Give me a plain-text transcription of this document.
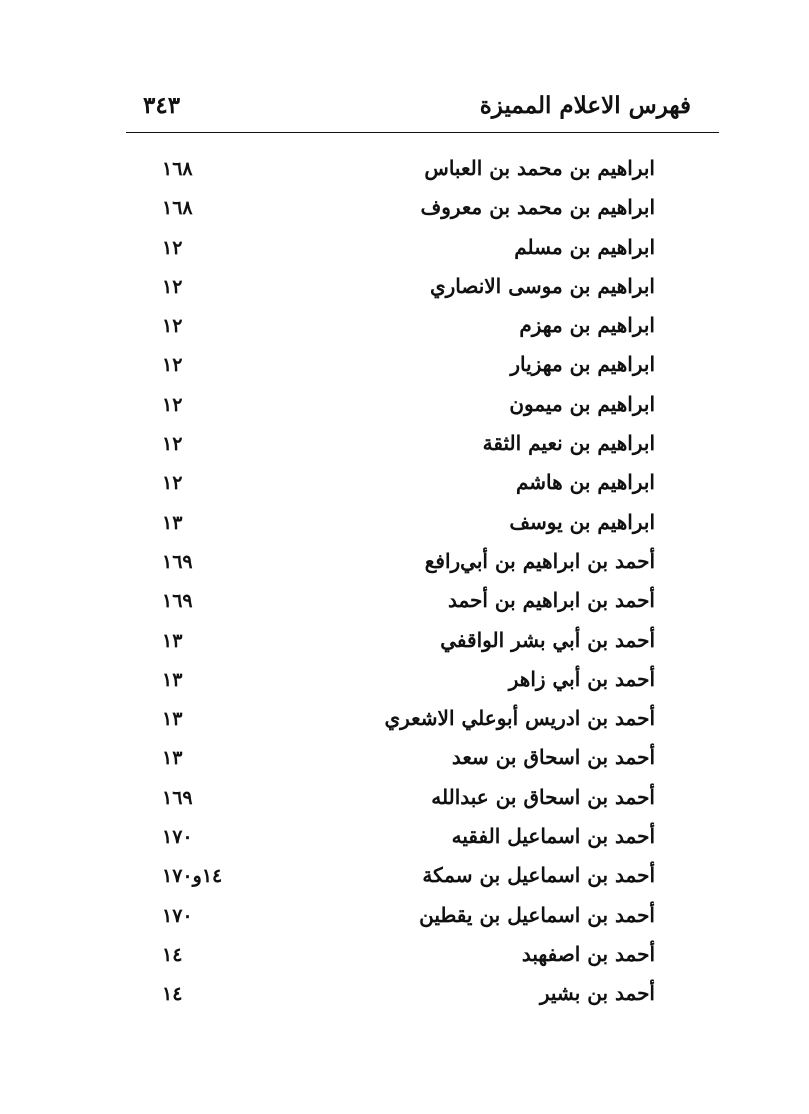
فهرس الاعلام المميزة
٣٤٣
ابراهيم بن محمد بن العباس
١٦٨
ابراهيم بن محمد بن معروف
١٦٨
ابراهيم بن مسلم
١٢
ابراهيم بن موسى الانصاري
١٢
ابراهيم بن مهزم
١٢
ابراهيم بن مهزيار
١٢
ابراهيم بن ميمون
١٢
ابراهيم بن نعيم الثقة
١٢
ابراهيم بن هاشم
١٢
ابراهيم بن يوسف
١٣
أحمد بن ابراهيم بن أبي‌رافع
١٦٩
أحمد بن ابراهيم بن أحمد
١٦٩
أحمد بن أبي بشر الواقفي
١٣
أحمد بن أبي زاهر
١٣
أحمد بن ادريس أبوعلي الاشعري
١٣
أحمد بن اسحاق بن سعد
١٣
أحمد بن اسحاق بن عبدالله
١٦٩
أحمد بن اسماعيل الفقيه
١٧٠
أحمد بن اسماعيل بن سمكة
١٤و١٧٠
أحمد بن اسماعيل بن يقطين
١٧٠
أحمد بن اصفهبد
١٤
أحمد بن بشير
١٤
